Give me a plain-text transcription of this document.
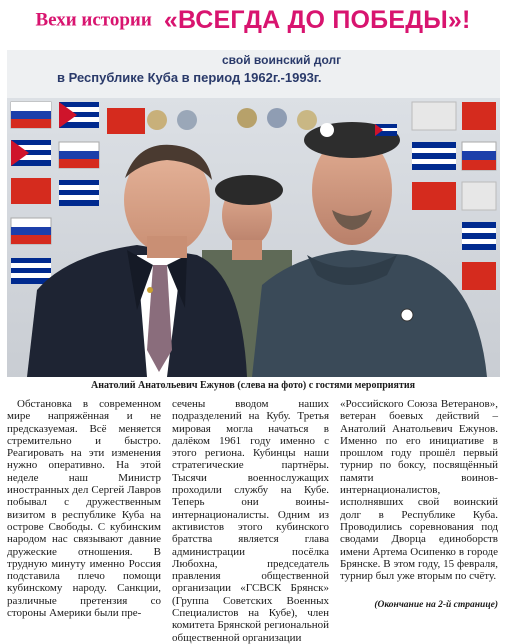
Вехи истории «ВСЕГДА ДО ПОБЕДЫ»!
свой воинский долг
в Республике Куба в период 1962г.-1993г.
Анатолий Анатольевич Ежунов (слева на фото) с гостями мероприятия

Обстановка в современном мире напряжённая и не предсказуемая. Всё меняется стремительно и быстро. Реагировать на эти изменения нужно оперативно. На этой неделе наш Министр иностранных дел Сергей Лавров побывал с дружественным визитом в республике Куба на острове Свободы. С кубинским народом нас связывают давние дружеские отношения. В трудную минуту именно Россия подставила плечо помощи кубинскому народу. Санкции, различные претензия со стороны Америки были пре-

сечены вводом наших подразделений на Кубу. Третья мировая могла начаться в далёком 1961 году именно с этого региона. Кубинцы наши стратегические партнёры. Тысячи военнослужащих проходили службу на Кубе. Теперь они воины-интернационалисты. Одним из активистов этого кубинского братства является глава администрации посёлка Любохна, председатель правления общественной организации «ГСВСК Брянск» (Группа Советских Военных Специалистов на Кубе), член комитета Брянской региональной общественной организации

«Российского Союза Ветеранов», ветеран боевых действий – Анатолий Анатольевич Ежунов. Именно по его инициативе в прошлом году прошёл первый турнир по боксу, посвящённый памяти воинов-интернационалистов, исполнявших свой воинский долг в Республике Куба. Проводились соревнования под сводами Дворца единоборств имени Артема Осипенко в городе Брянске. В этом году, 15 февраля, турнир был уже вторым по счёту.

(Окончание на 2-й странице)
